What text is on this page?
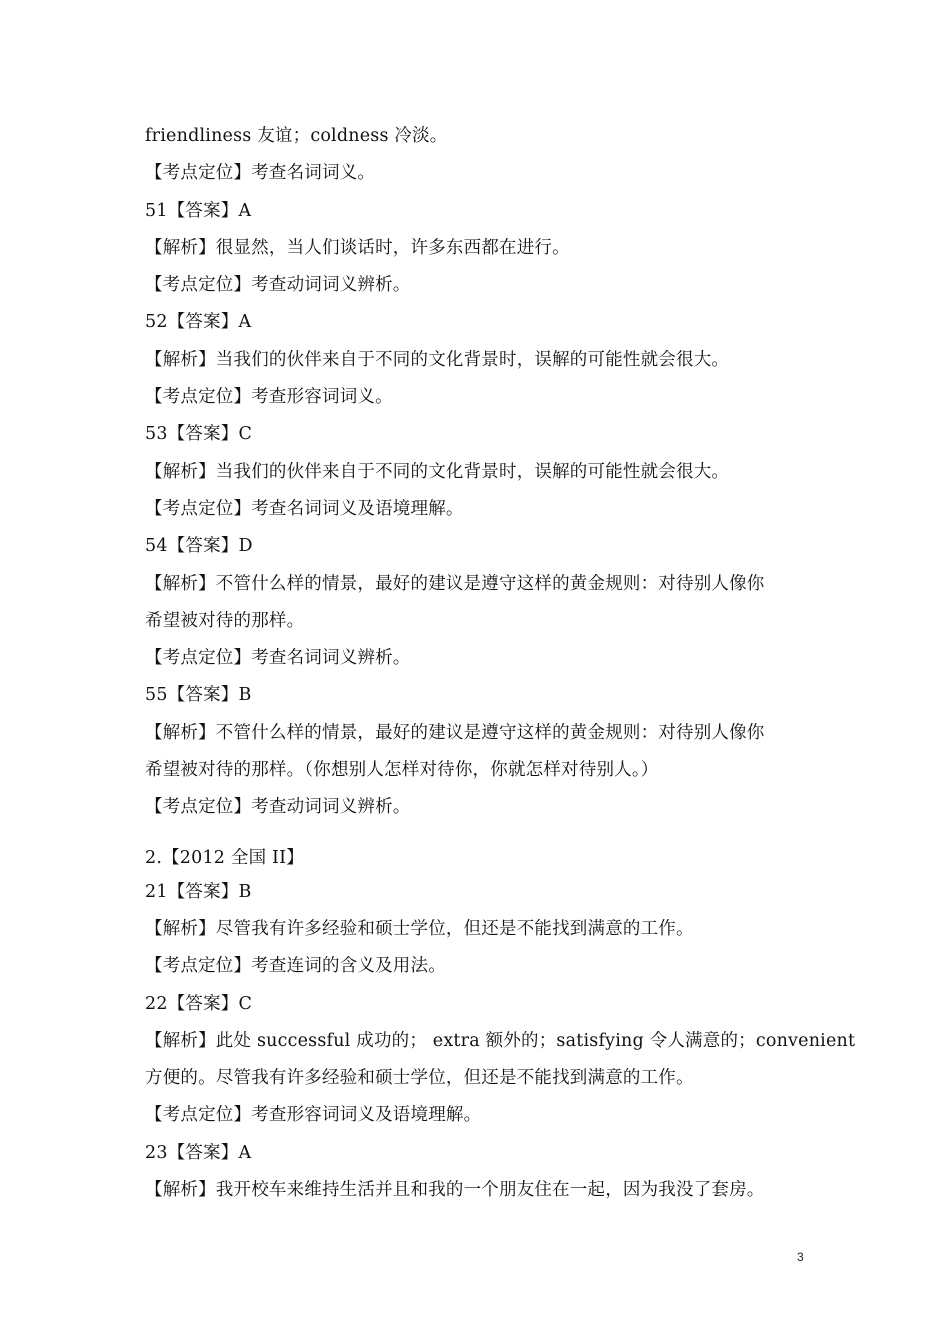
friendliness 友谊；coldness 冷淡。
【考点定位】考查名词词义。
51【答案】A
【解析】很显然，当人们谈话时，许多东西都在进行。
【考点定位】考查动词词义辨析。
52【答案】A
【解析】当我们的伙伴来自于不同的文化背景时，误解的可能性就会很大。
【考点定位】考查形容词词义。
53【答案】C
【解析】当我们的伙伴来自于不同的文化背景时，误解的可能性就会很大。
【考点定位】考查名词词义及语境理解。
54【答案】D
【解析】不管什么样的情景，最好的建议是遵守这样的黄金规则：对待别人像你
希望被对待的那样。
【考点定位】考查名词词义辨析。
55【答案】B
【解析】不管什么样的情景，最好的建议是遵守这样的黄金规则：对待别人像你
希望被对待的那样。（你想别人怎样对待你，你就怎样对待别人。）
【考点定位】考查动词词义辨析。
2.【2012 全国 II】
21【答案】B
【解析】尽管我有许多经验和硕士学位，但还是不能找到满意的工作。
【考点定位】考查连词的含义及用法。
22【答案】C
【解析】此处 successful 成功的； extra 额外的；satisfying 令人满意的；convenient
方便的。尽管我有许多经验和硕士学位，但还是不能找到满意的工作。
【考点定位】考查形容词词义及语境理解。
23【答案】A
【解析】我开校车来维持生活并且和我的一个朋友住在一起，因为我没了套房。
3
